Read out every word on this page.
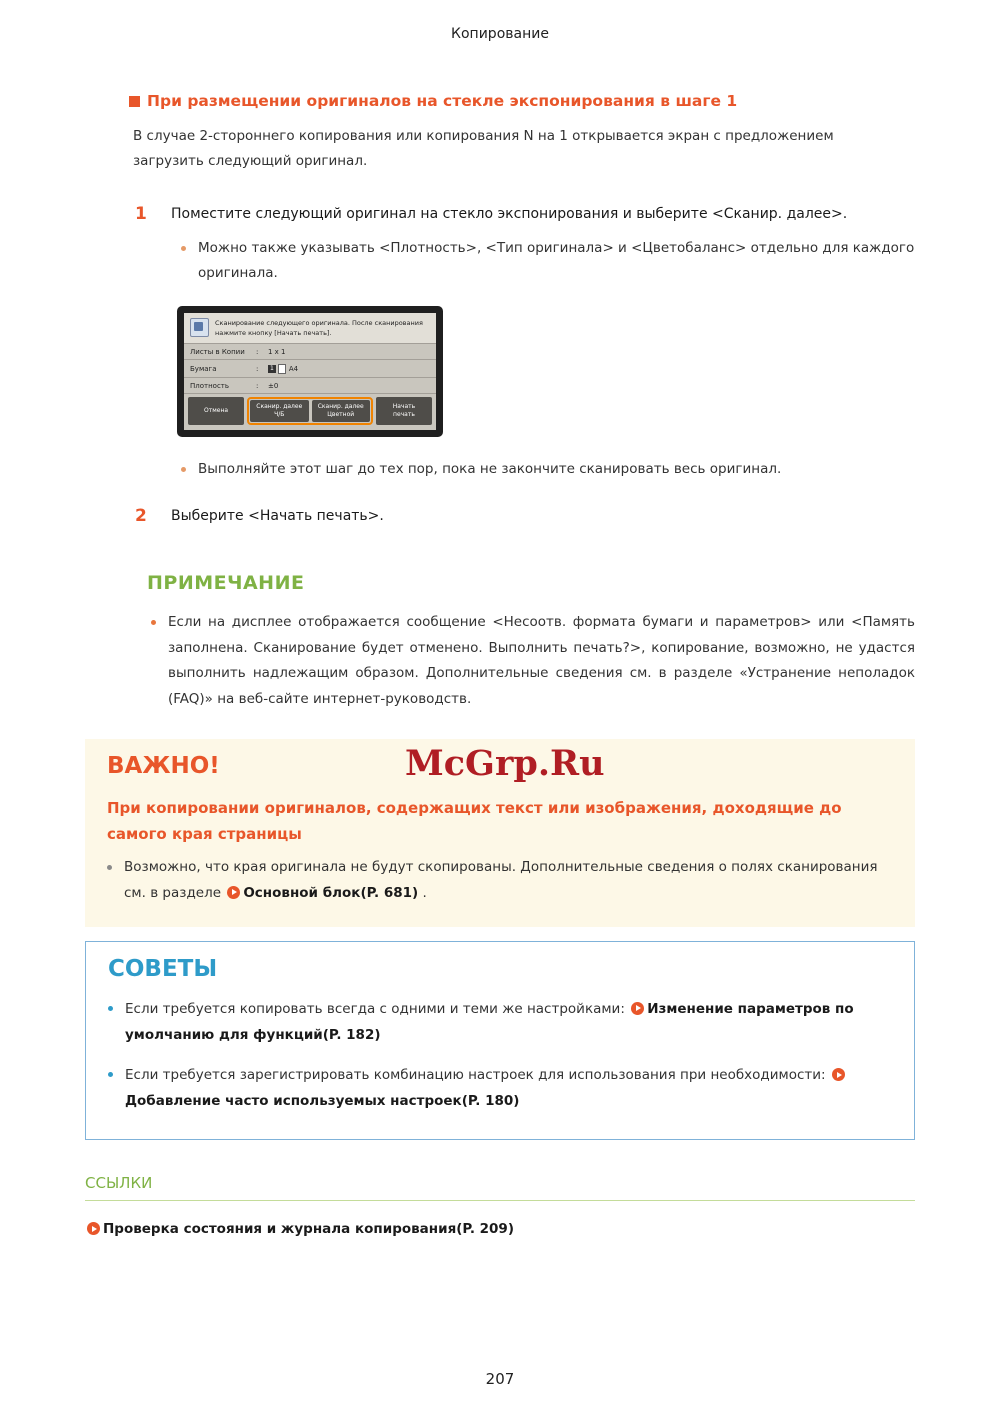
Копирование
При размещении оригиналов на стекле экспонирования в шаге 1
В случае 2-стороннего копирования или копирования N на 1 открывается экран с предложением загрузить следующий оригинал.
1	Поместите следующий оригинал на стекло экспонирования и выберите <Сканир. далее>.
Можно также указывать <Плотность>, <Тип оригинала> и <Цветобаланс> отдельно для каждого оригинала.
Сканирование следующего оригинала. После сканирования нажмите кнопку [Начать печать].
Листы в Копии	:	1 х 1
Бумага	:	1 A4
Плотность	:	±0
Отмена
Сканир. далее
Ч/Б
Сканир. далее
Цветной
Начать
печать
Выполняйте этот шаг до тех пор, пока не закончите сканировать весь оригинал.
2	Выберите <Начать печать>.
ПРИМЕЧАНИЕ
Если на дисплее отображается сообщение <Несоотв. формата бумаги и параметров> или <Память заполнена. Сканирование будет отменено. Выполнить печать?>, копирование, возможно, не удастся выполнить надлежащим образом. Дополнительные сведения см. в разделе «Устранение неполадок (FAQ)» на веб-сайте интернет-руководств.
ВАЖНО!	McGrp.Ru
При копировании оригиналов, содержащих текст или изображения, доходящие до самого края страницы
Возможно, что края оригинала не будут скопированы. Дополнительные сведения о полях сканирования см. в разделе Основной блок(P. 681) .
СОВЕТЫ
Если требуется копировать всегда с одними и теми же настройками: Изменение параметров по умолчанию для функций(P. 182)
Если требуется зарегистрировать комбинацию настроек для использования при необходимости: Добавление часто используемых настроек(P. 180)
ССЫЛКИ
Проверка состояния и журнала копирования(P. 209)
207
